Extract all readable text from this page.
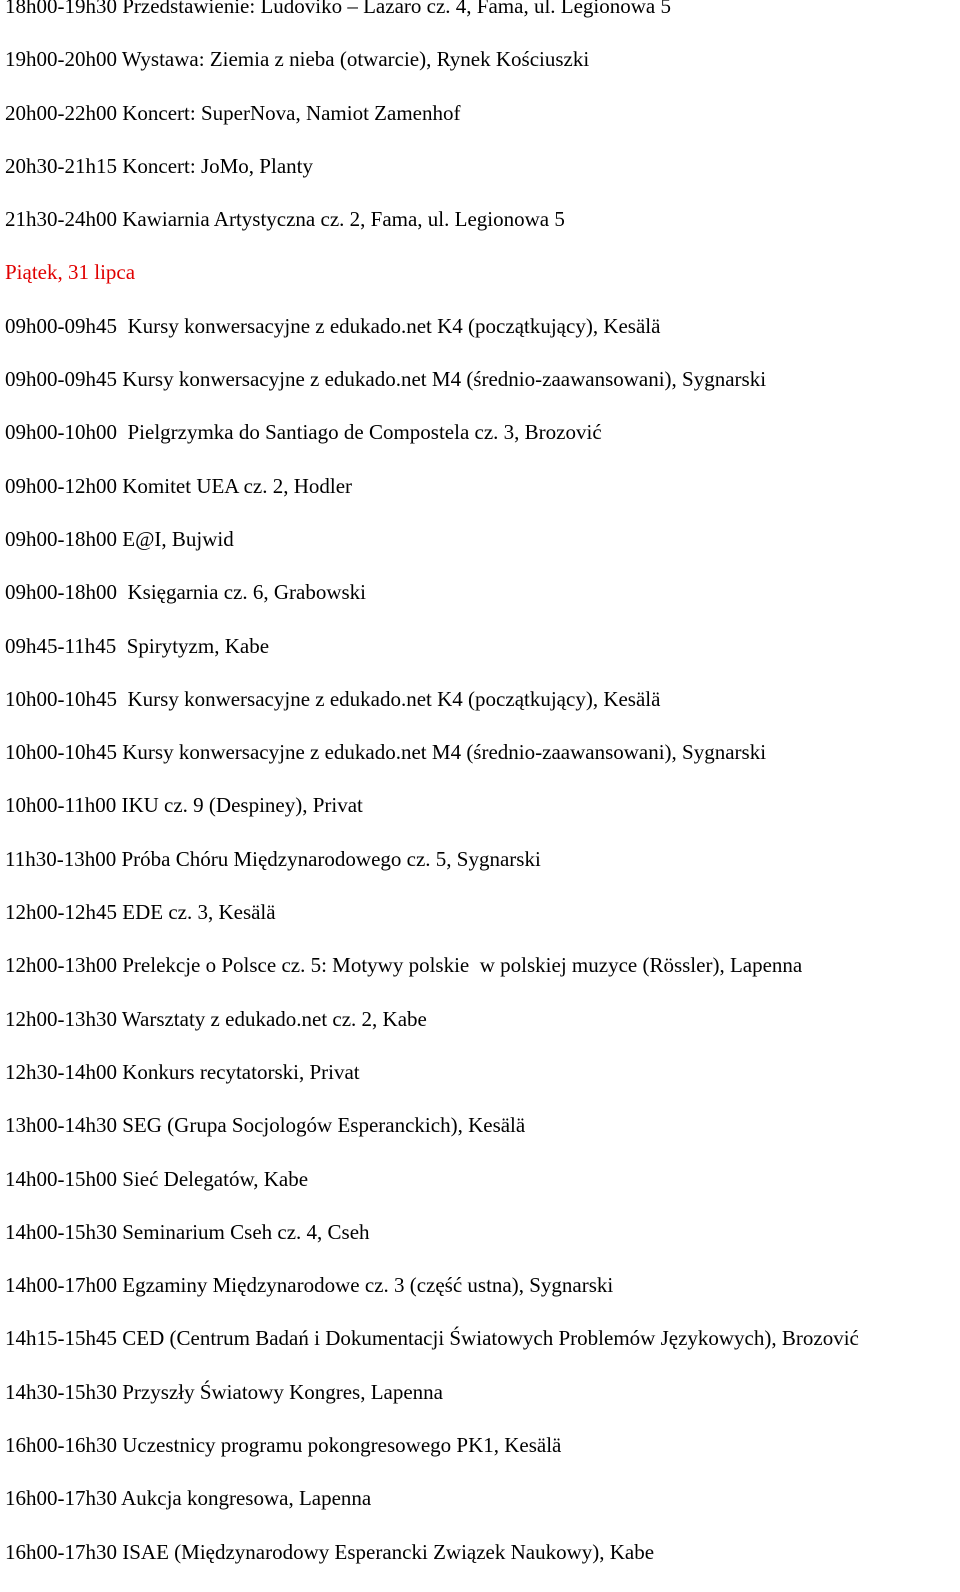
18h00-19h30 Przedstawienie: Ludoviko – Lazaro cz. 4, Fama, ul. Legionowa 5
19h00-20h00 Wystawa: Ziemia z nieba (otwarcie), Rynek Kościuszki
20h00-22h00 Koncert: SuperNova, Namiot Zamenhof
20h30-21h15 Koncert: JoMo, Planty
21h30-24h00 Kawiarnia Artystyczna cz. 2, Fama, ul. Legionowa 5
Piątek, 31 lipca
09h00-09h45  Kursy konwersacyjne z edukado.net K4 (początkujący), Kesälä
09h00-09h45 Kursy konwersacyjne z edukado.net M4 (średnio-zaawansowani), Sygnarski
09h00-10h00  Pielgrzymka do Santiago de Compostela cz. 3, Brozović
09h00-12h00 Komitet UEA cz. 2, Hodler
09h00-18h00 E@I, Bujwid
09h00-18h00  Księgarnia cz. 6, Grabowski
09h45-11h45  Spirytyzm, Kabe
10h00-10h45  Kursy konwersacyjne z edukado.net K4 (początkujący), Kesälä
10h00-10h45 Kursy konwersacyjne z edukado.net M4 (średnio-zaawansowani), Sygnarski
10h00-11h00 IKU cz. 9 (Despiney), Privat
11h30-13h00 Próba Chóru Międzynarodowego cz. 5, Sygnarski
12h00-12h45 EDE cz. 3, Kesälä
12h00-13h00 Prelekcje o Polsce cz. 5: Motywy polskie  w polskiej muzyce (Rössler), Lapenna
12h00-13h30 Warsztaty z edukado.net cz. 2, Kabe
12h30-14h00 Konkurs recytatorski, Privat
13h00-14h30 SEG (Grupa Socjologów Esperanckich), Kesälä
14h00-15h00 Sieć Delegatów, Kabe
14h00-15h30 Seminarium Cseh cz. 4, Cseh
14h00-17h00 Egzaminy Międzynarodowe cz. 3 (część ustna), Sygnarski
14h15-15h45 CED (Centrum Badań i Dokumentacji Światowych Problemów Językowych), Brozović
14h30-15h30 Przyszły Światowy Kongres, Lapenna
16h00-16h30 Uczestnicy programu pokongresowego PK1, Kesälä
16h00-17h30 Aukcja kongresowa, Lapenna
16h00-17h30 ISAE (Międzynarodowy Esperancki Związek Naukowy), Kabe
